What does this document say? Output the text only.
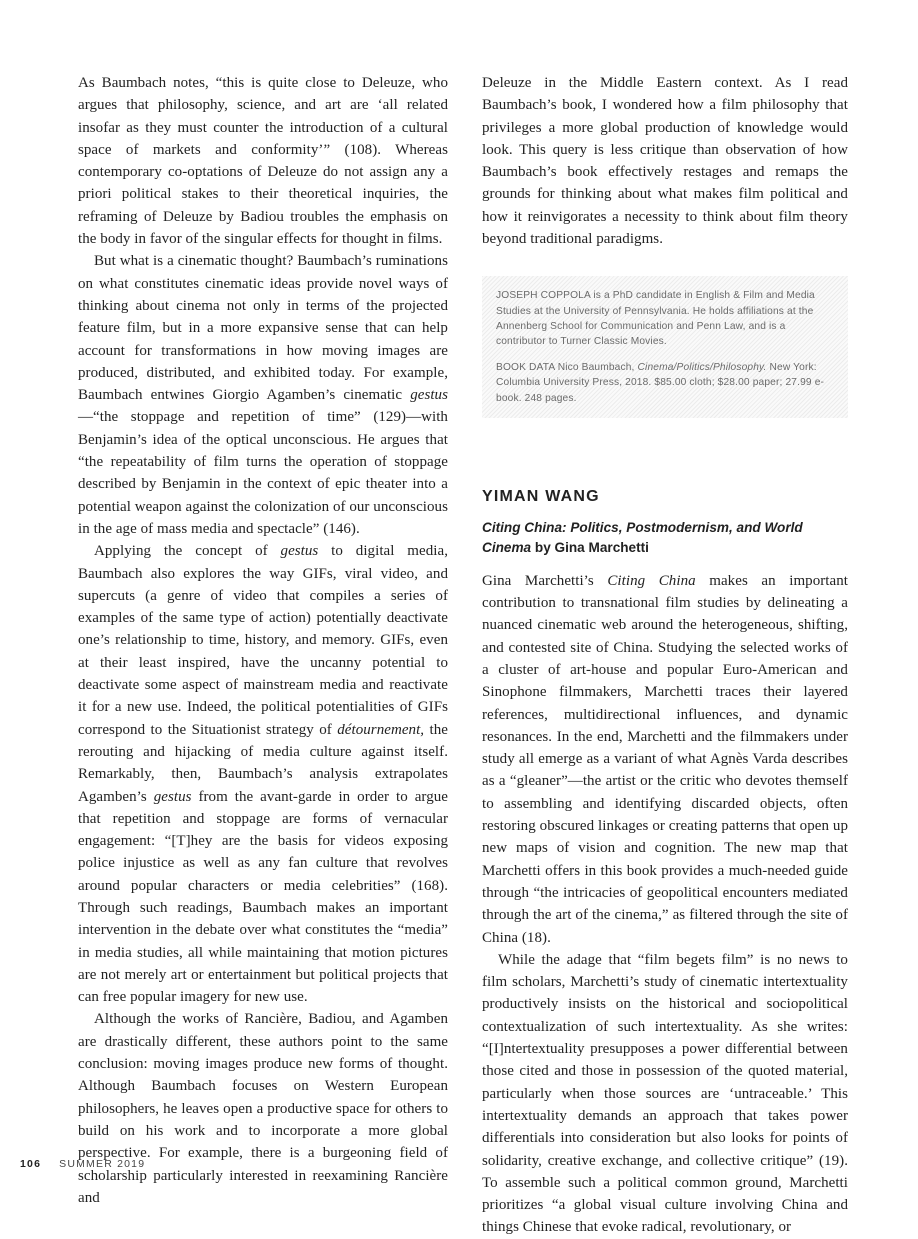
As Baumbach notes, “this is quite close to Deleuze, who argues that philosophy, science, and art are ‘all related insofar as they must counter the introduction of a cultural space of markets and conformity’” (108). Whereas contemporary co-optations of Deleuze do not assign any a priori political stakes to their theoretical inquiries, the reframing of Deleuze by Badiou troubles the emphasis on the body in favor of the singular effects for thought in films.

But what is a cinematic thought? Baumbach’s ruminations on what constitutes cinematic ideas provide novel ways of thinking about cinema not only in terms of the projected feature film, but in a more expansive sense that can help account for transformations in how moving images are produced, distributed, and exhibited today. For example, Baumbach entwines Giorgio Agamben’s cinematic gestus—“the stoppage and repetition of time” (129)—with Benjamin’s idea of the optical unconscious. He argues that “the repeatability of film turns the operation of stoppage described by Benjamin in the context of epic theater into a potential weapon against the colonization of our unconscious in the age of mass media and spectacle” (146).

Applying the concept of gestus to digital media, Baumbach also explores the way GIFs, viral video, and supercuts (a genre of video that compiles a series of examples of the same type of action) potentially deactivate one’s relationship to time, history, and memory. GIFs, even at their least inspired, have the uncanny potential to deactivate some aspect of mainstream media and reactivate it for a new use. Indeed, the political potentialities of GIFs correspond to the Situationist strategy of détournement, the rerouting and hijacking of media culture against itself. Remarkably, then, Baumbach’s analysis extrapolates Agamben’s gestus from the avant-garde in order to argue that repetition and stoppage are forms of vernacular engagement: “[T]hey are the basis for videos exposing police injustice as well as any fan culture that revolves around popular characters or media celebrities” (168). Through such readings, Baumbach makes an important intervention in the debate over what constitutes the “media” in media studies, all while maintaining that motion pictures are not merely art or entertainment but political projects that can free popular imagery for new use.

Although the works of Rancière, Badiou, and Agamben are drastically different, these authors point to the same conclusion: moving images produce new forms of thought. Although Baumbach focuses on Western European philosophers, he leaves open a productive space for others to build on his work and to incorporate a more global perspective. For example, there is a burgeoning field of scholarship particularly interested in reexamining Rancière and

Deleuze in the Middle Eastern context. As I read Baumbach’s book, I wondered how a film philosophy that privileges a more global production of knowledge would look. This query is less critique than observation of how Baumbach’s book effectively restages and remaps the grounds for thinking about what makes film political and how it reinvigorates a necessity to think about film theory beyond traditional paradigms.

JOSEPH COPPOLA is a PhD candidate in English & Film and Media Studies at the University of Pennsylvania. He holds affiliations at the Annenberg School for Communication and Penn Law, and is a contributor to Turner Classic Movies.

BOOK DATA Nico Baumbach, Cinema/Politics/Philosophy. New York: Columbia University Press, 2018. $85.00 cloth; $28.00 paper; 27.99 e-book. 248 pages.

YIMAN WANG
Citing China: Politics, Postmodernism, and World Cinema by Gina Marchetti

Gina Marchetti’s Citing China makes an important contribution to transnational film studies by delineating a nuanced cinematic web around the heterogeneous, shifting, and contested site of China. Studying the selected works of a cluster of art-house and popular Euro-American and Sinophone filmmakers, Marchetti traces their layered references, multidirectional influences, and dynamic resonances. In the end, Marchetti and the filmmakers under study all emerge as a variant of what Agnès Varda describes as a “gleaner”—the artist or the critic who devotes themself to assembling and identifying discarded objects, often restoring obscured linkages or creating patterns that open up new maps of vision and cognition. The new map that Marchetti offers in this book provides a much-needed guide through “the intricacies of geopolitical encounters mediated through the art of the cinema,” as filtered through the site of China (18).

While the adage that “film begets film” is no news to film scholars, Marchetti’s study of cinematic intertextuality productively insists on the historical and sociopolitical contextualization of such intertextuality. As she writes: “[I]ntertextuality presupposes a power differential between those cited and those in possession of the quoted material, particularly when those sources are ‘untraceable.’ This intertextuality demands an approach that takes power differentials into consideration but also looks for points of solidarity, creative exchange, and collective critique” (19). To assemble such a political common ground, Marchetti prioritizes “a global visual culture involving China and things Chinese that evoke radical, revolutionary, or

106 SUMMER 2019
